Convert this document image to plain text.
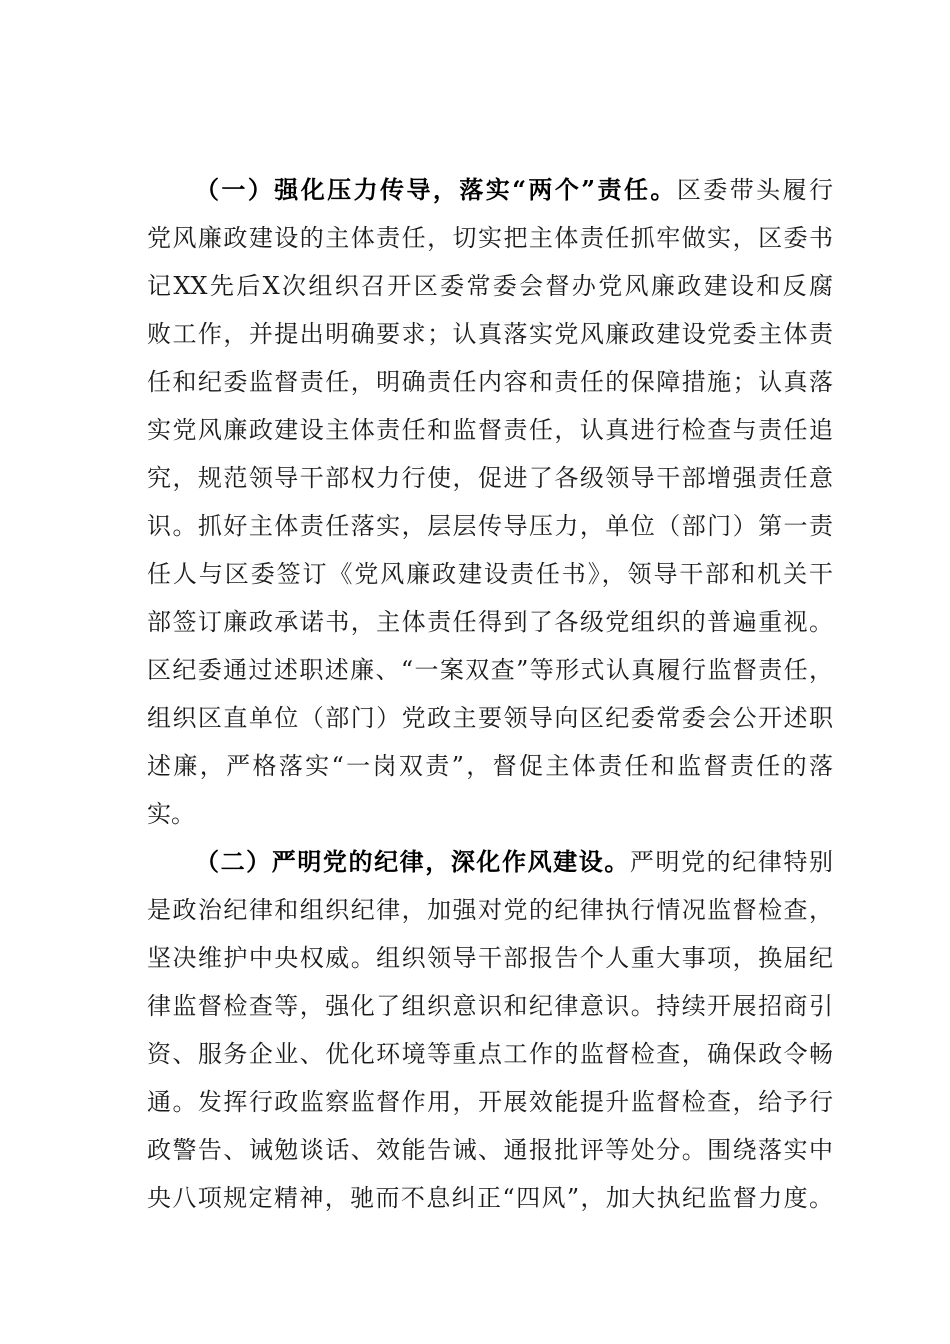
（一）强化压力传导，落实“两个”责任。区委带头履行
党风廉政建设的主体责任，切实把主体责任抓牢做实，区委书
记XX先后X次组织召开区委常委会督办党风廉政建设和反腐
败工作，并提出明确要求；认真落实党风廉政建设党委主体责
任和纪委监督责任，明确责任内容和责任的保障措施；认真落
实党风廉政建设主体责任和监督责任，认真进行检查与责任追
究，规范领导干部权力行使，促进了各级领导干部增强责任意
识。抓好主体责任落实，层层传导压力，单位（部门）第一责
任人与区委签订《党风廉政建设责任书》，领导干部和机关干
部签订廉政承诺书，主体责任得到了各级党组织的普遍重视。
区纪委通过述职述廉、“一案双查”等形式认真履行监督责任，
组织区直单位（部门）党政主要领导向区纪委常委会公开述职
述廉，严格落实“一岗双责”，督促主体责任和监督责任的落
实。
（二）严明党的纪律，深化作风建设。严明党的纪律特别
是政治纪律和组织纪律，加强对党的纪律执行情况监督检查，
坚决维护中央权威。组织领导干部报告个人重大事项，换届纪
律监督检查等，强化了组织意识和纪律意识。持续开展招商引
资、服务企业、优化环境等重点工作的监督检查，确保政令畅
通。发挥行政监察监督作用，开展效能提升监督检查，给予行
政警告、诫勉谈话、效能告诫、通报批评等处分。围绕落实中
央八项规定精神，驰而不息纠正“四风”，加大执纪监督力度。
